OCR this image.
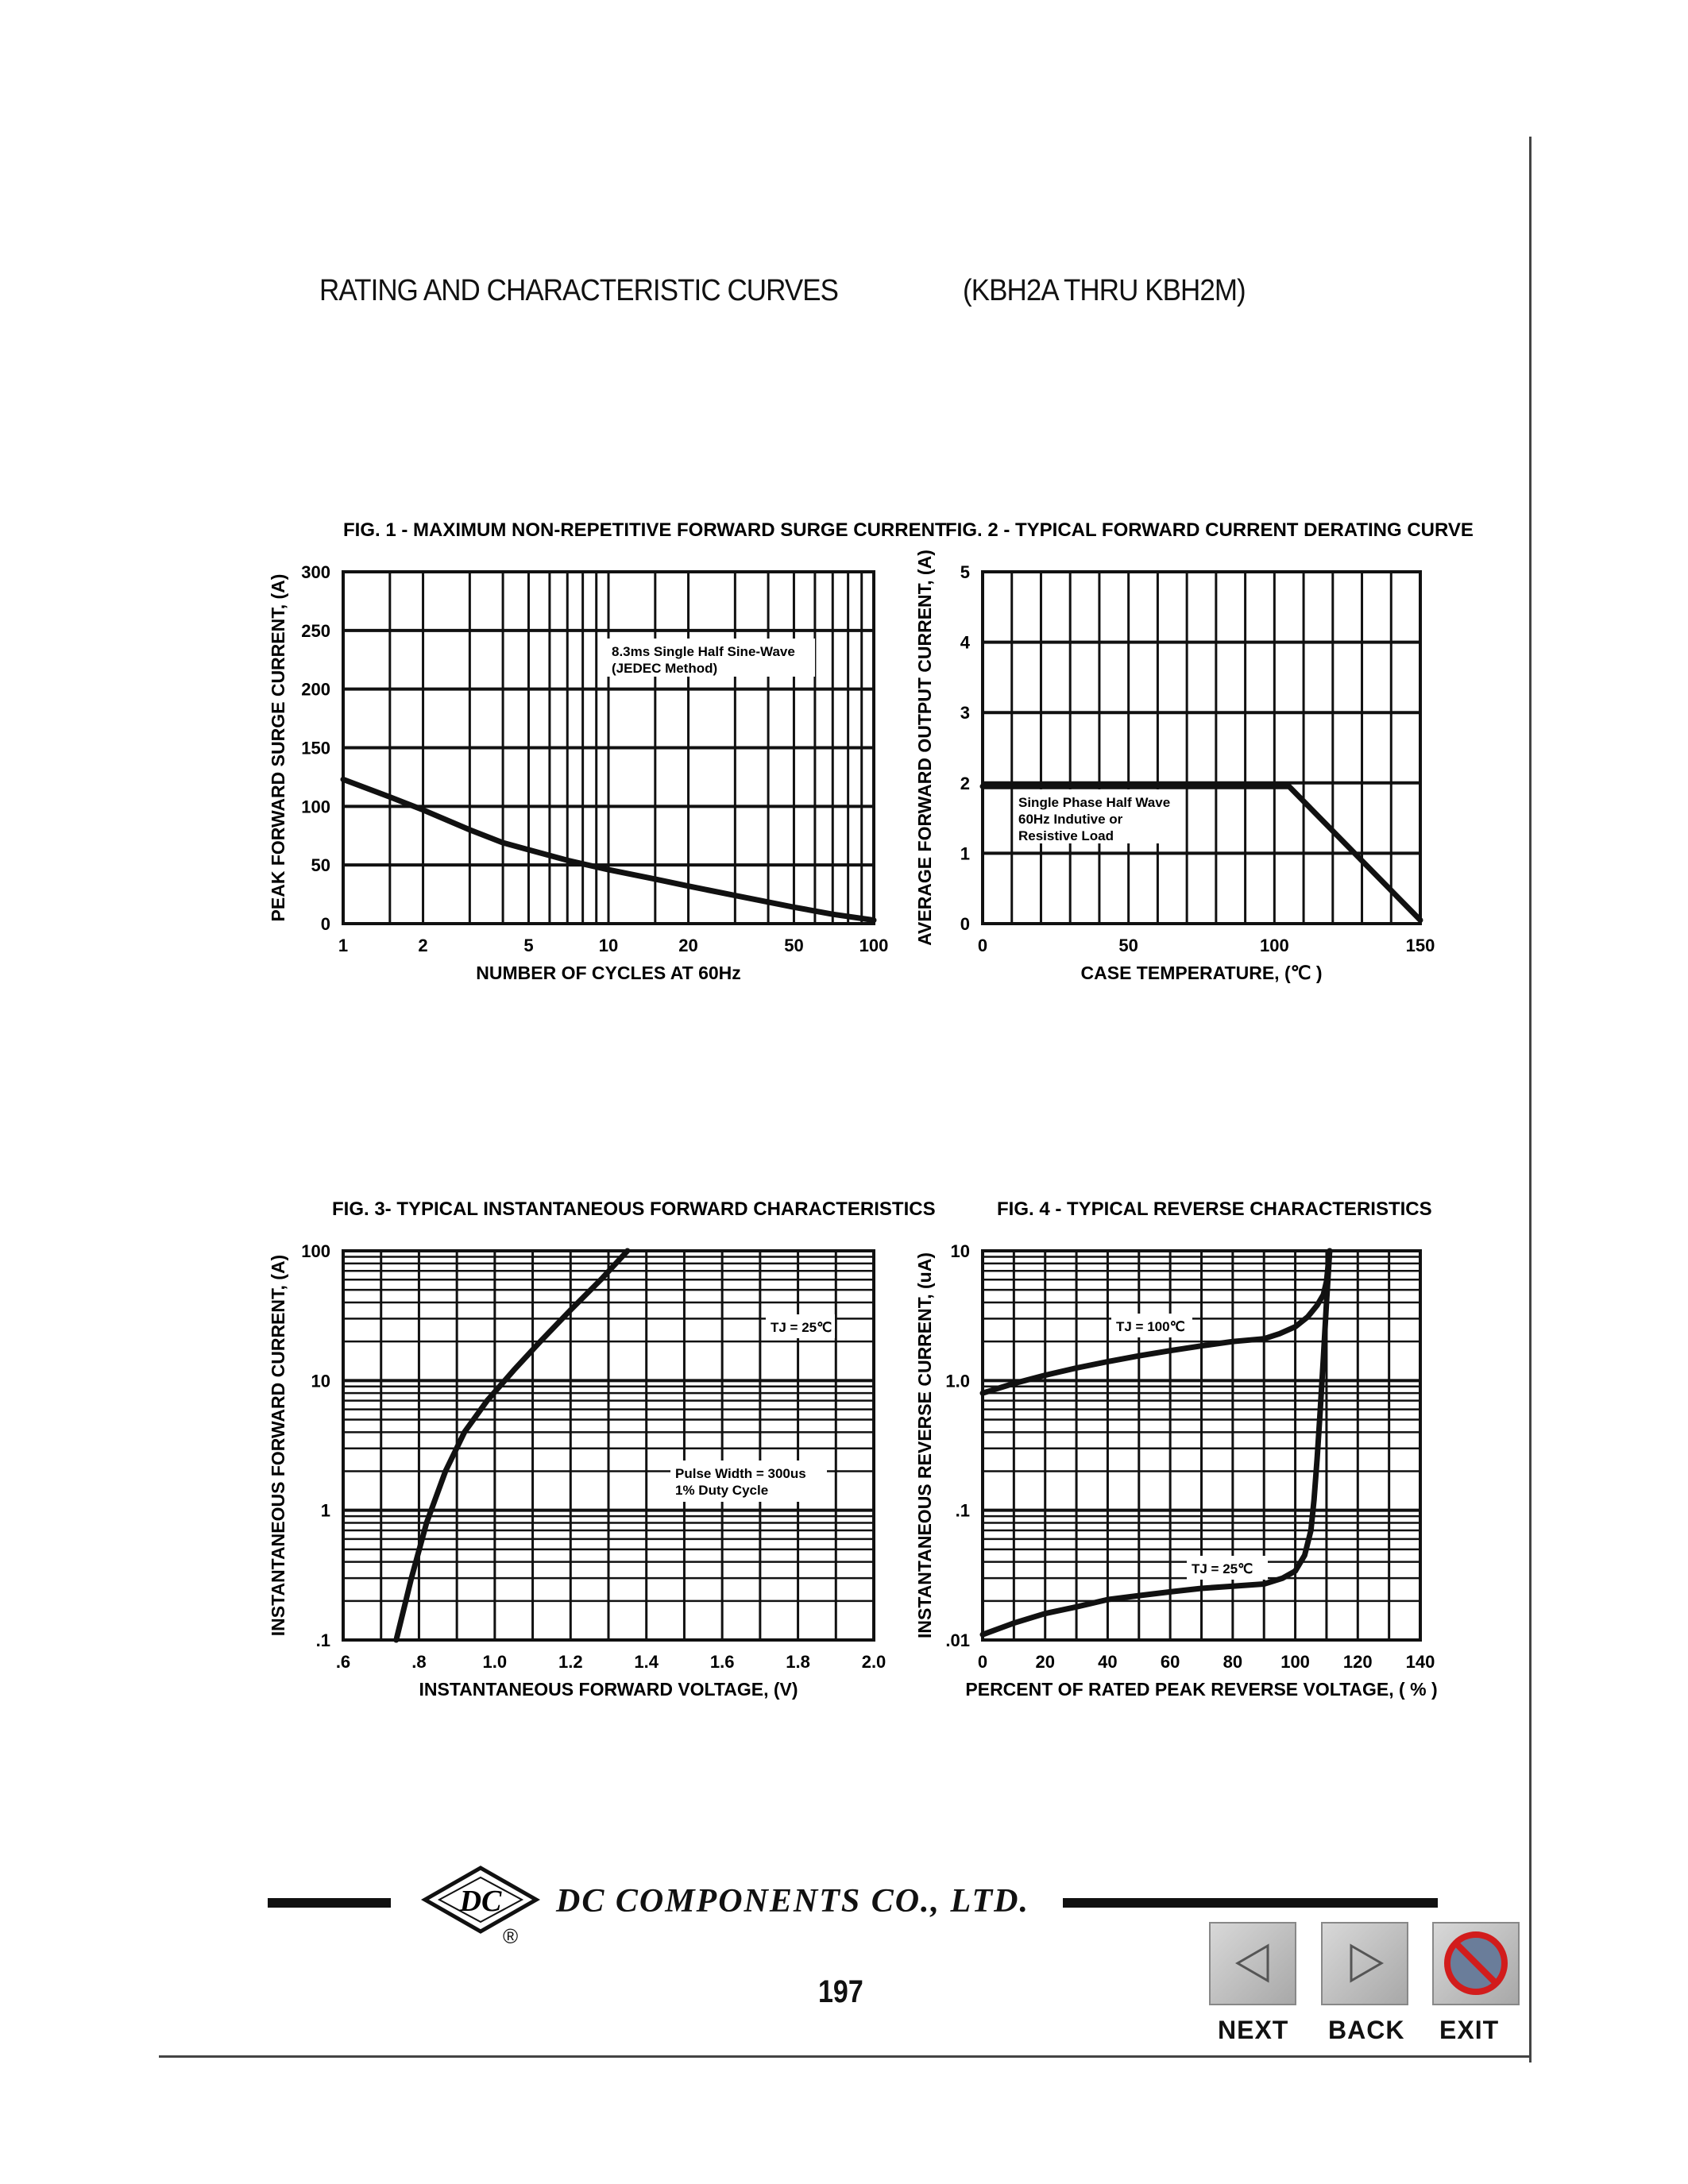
RATING AND CHARACTERISTIC CURVES	(KBH2A THRU KBH2M)
8.3ms Single Half Sine-Wave
(JEDEC Method)
0
50
100
150
200
250
300
1	2	5	10	20	50	100
NUMBER OF CYCLES AT 60Hz
PEAK FORWARD SURGE CURRENT, (A)
FIG. 1 - MAXIMUM NON-REPETITIVE FORWARD SURGE CURRENT
Single Phase Half Wave
60Hz Indutive or
Resistive Load
0
1
2
3
4
5
0	50	100	150
CASE TEMPERATURE, (℃ )
AVERAGE FORWARD OUTPUT CURRENT, (A)
FIG. 2 - TYPICAL FORWARD CURRENT DERATING CURVE
TJ = 25℃
Pulse Width = 300us
1% Duty Cycle
.1
1
10
100
.6	.8	1.0	1.2	1.4	1.6	1.8	2.0
INSTANTANEOUS FORWARD VOLTAGE, (V)
INSTANTANEOUS FORWARD CURRENT, (A)
FIG. 3- TYPICAL INSTANTANEOUS FORWARD CHARACTERISTICS
TJ = 100℃
TJ = 25℃
.01
.1
1.0
10
0	20 40 60 80 100 120 140
PERCENT OF RATED PEAK REVERSE VOLTAGE, ( % )
INSTANTANEOUS REVERSE CURRENT, (uA)
FIG. 4 - TYPICAL REVERSE CHARACTERISTICS
DC
®
DC COMPONENTS CO., LTD.
197
NEXT BACK EXIT
